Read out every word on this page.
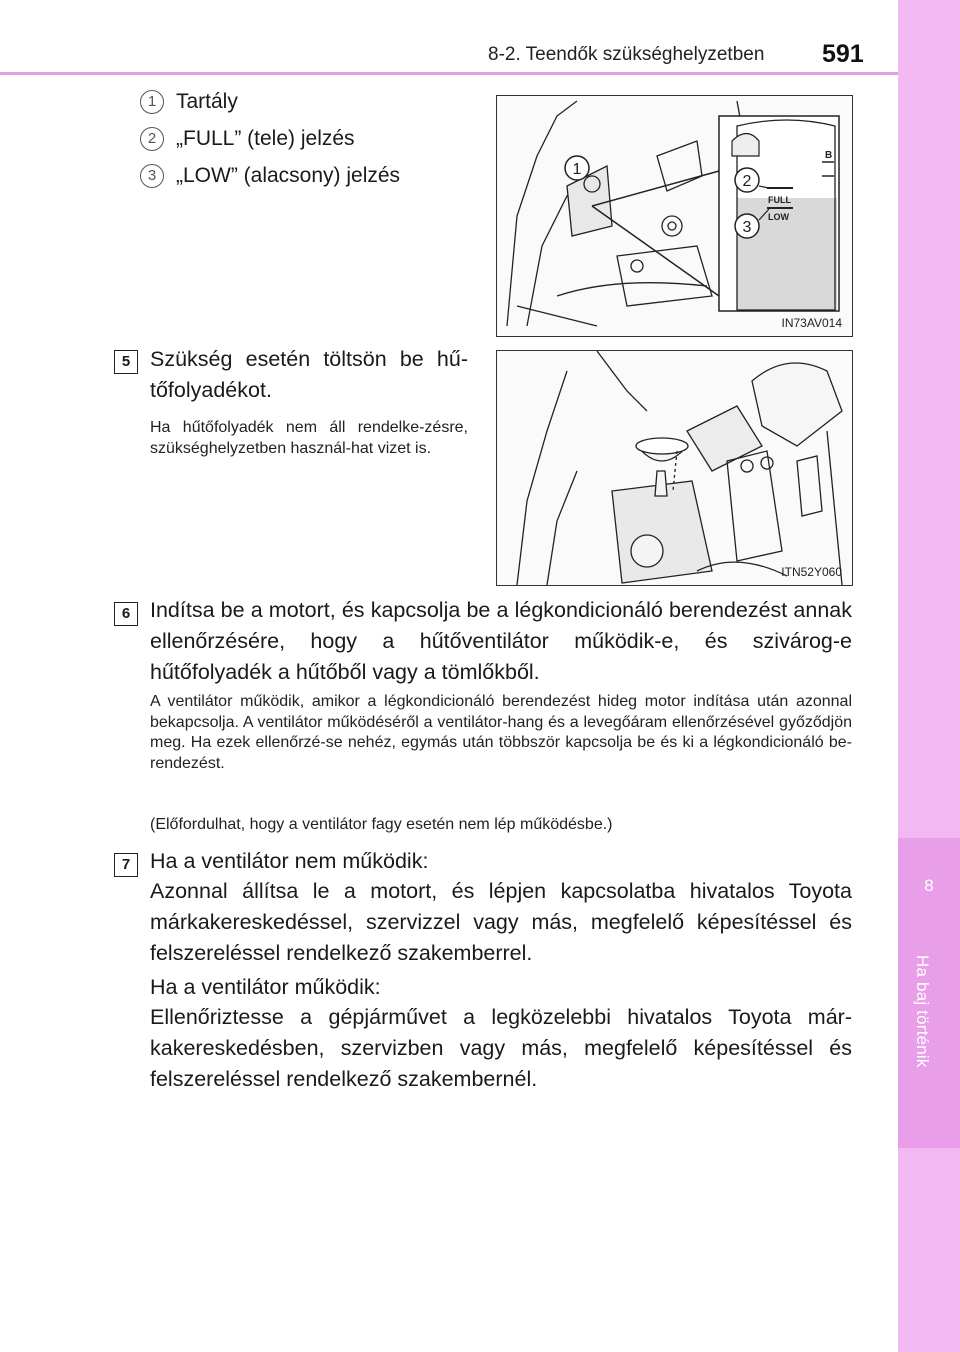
8
Ha baj történik
8-2. Teendők szükséghelyzetben 591
1 Tartály
2 „FULL” (tele) jelzés
3 „LOW” (alacsony) jelzés
B
FULL
LOW
1
2
3
IN73AV014
5 Szükség esetén töltsön be hű-tőfolyadékot.
Ha hűtőfolyadék nem áll rendelke-zésre, szükséghelyzetben használ-hat vizet is.
ITN52Y060
6 Indítsa be a motort, és kapcsolja be a légkondicionáló berendezést annak ellenőrzésére, hogy a hűtőventilátor működik-e, és szivárog-e hűtőfolyadék a hűtőből vagy a tömlőkből.
A ventilátor működik, amikor a légkondicionáló berendezést hideg motor indítása után azonnal bekapcsolja. A ventilátor működéséről a ventilátor-hang és a levegőáram ellenőrzésével győződjön meg. Ha ezek ellenőrzé-se nehéz, egymás után többször kapcsolja be és ki a légkondicionáló be-rendezést.
(Előfordulhat, hogy a ventilátor fagy esetén nem lép működésbe.)
7 Ha a ventilátor nem működik:
Azonnal állítsa le a motort, és lépjen kapcsolatba hivatalos Toyota márkakereskedéssel, szervizzel vagy más, megfelelő képesítéssel és felszereléssel rendelkező szakemberrel.
Ha a ventilátor működik:
Ellenőriztesse a gépjárművet a legközelebbi hivatalos Toyota már-kakereskedésben, szervizben vagy más, megfelelő képesítéssel és felszereléssel rendelkező szakembernél.
